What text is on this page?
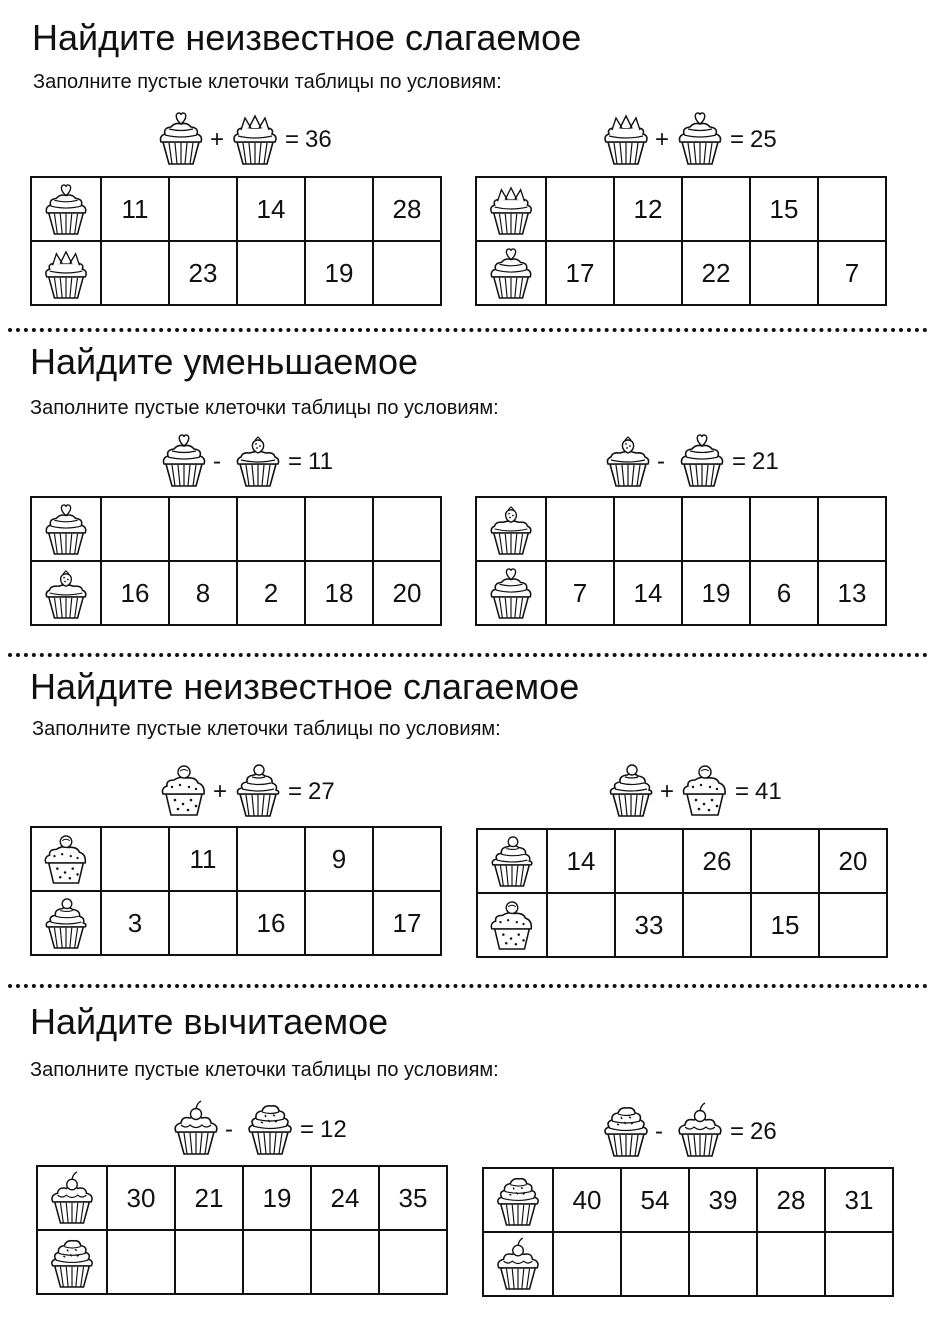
Найдите неизвестное слагаемое
Заполните пустые клеточки таблицы по условиям:
+	= 36
	11		14		28

		23		19	
+	= 25
		12		15	

	17		22		7
Найдите уменьшаемое
Заполните пустые клеточки таблицы по условиям:
-	= 11

	16	8	2	18	20
-	= 21

	7	14	19	6	13
Найдите неизвестное слагаемое
Заполните пустые клеточки таблицы по условиям:
+	= 27
		11		9	

	3		16		17
+	= 41
	14		26		20

		33		15	
Найдите вычитаемое
Заполните пустые клеточки таблицы по условиям:
-	= 12
	30	21	19	24	35

-	= 26
	40	54	39	28	31
